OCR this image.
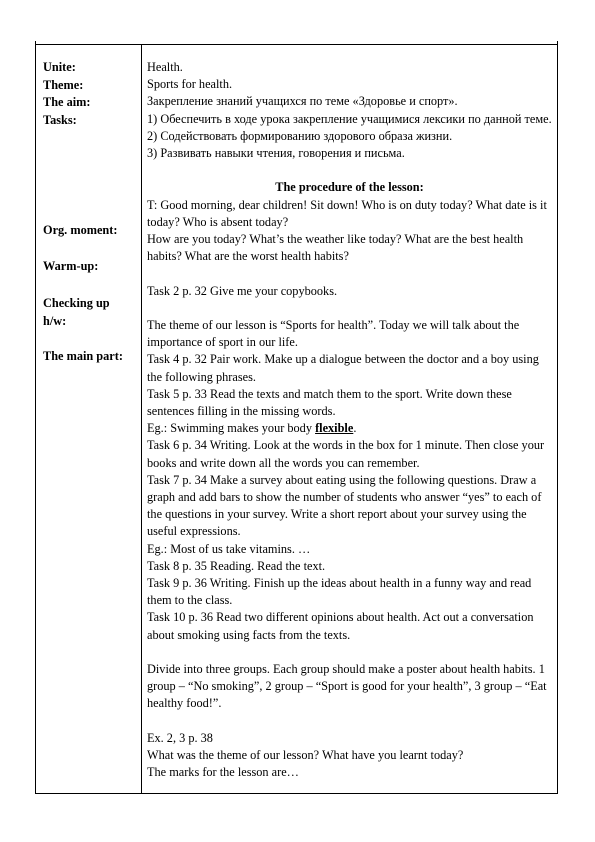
Unite:
Theme:
The aim:
Tasks:
Org. moment:
Warm-up:
Checking up
h/w:
The main part:

Health.

Sports for health.

Закрепление знаний учащихся по теме «Здоровье и спорт».

1) Обеспечить в ходе урока закрепление учащимися лексики по данной теме.

2) Содействовать формированию здорового образа жизни.

3) Развивать навыки чтения, говорения и письма.

The procedure of the lesson:

T: Good morning, dear children! Sit down! Who is on duty today? What date is it today? Who is absent today?

How are you today? What’s the weather like today? What are the best health habits? What are the worst health habits?

Task 2 p. 32 Give me your copybooks.

The theme of our lesson is “Sports for health”. Today we will talk about the importance of sport in our life.

Task 4 p. 32 Pair work. Make up a dialogue between the doctor and a boy using the following phrases.

Task 5 p. 33 Read the texts and match them to the sport. Write down these sentences filling in the missing words.

Eg.: Swimming makes your body flexible.

Task 6 p. 34 Writing. Look at the words in the box for 1 minute. Then close your books and write down all the words you can remember.

Task 7 p. 34 Make a survey about eating using the following questions. Draw a graph and add bars to show the number of students who answer “yes” to each of the questions in your survey. Write a short report about your survey using the useful expressions.

Eg.: Most of us take vitamins. …

Task 8 p. 35 Reading. Read the text.

Task 9 p. 36 Writing. Finish up the ideas about health in a funny way and read them to the class.

Task 10 p. 36 Read two different opinions about health. Act out a conversation about smoking using facts from the texts.

Divide into three groups. Each group should make a poster about health habits. 1 group – “No smoking”, 2 group – “Sport is good for your health”, 3 group – “Eat healthy food!”.

Ex. 2, 3 p. 38

What was the theme of our lesson? What have you learnt today?

The marks for the lesson are…
